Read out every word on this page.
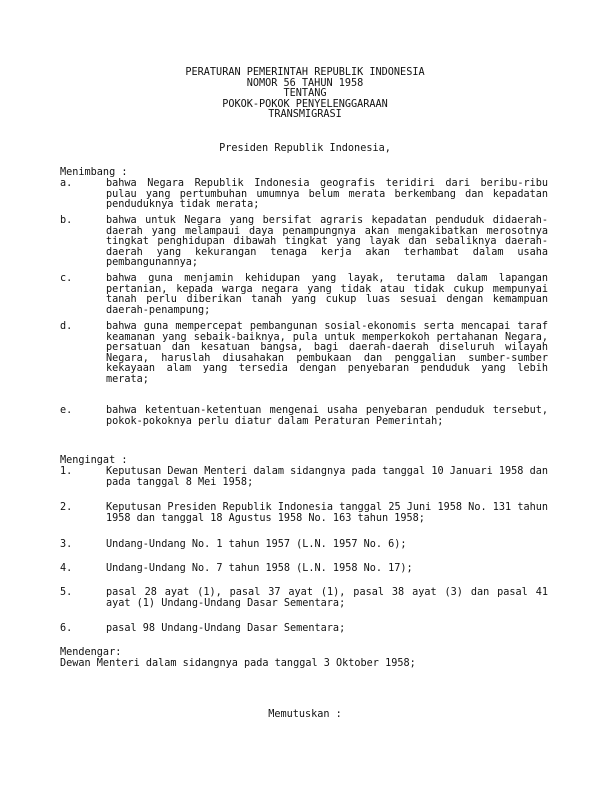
PERATURAN PEMERINTAH REPUBLIK INDONESIA
NOMOR 56 TAHUN 1958
TENTANG
POKOK-POKOK PENYELENGGARAAN
TRANSMIGRASI
Presiden Republik Indonesia,
Menimbang :
a.	bahwa Negara Republik Indonesia geografis teridiri dari beribu-ribu pulau yang pertumbuhan umumnya belum merata berkembang dan kepadatan penduduknya tidak merata;
b.	bahwa untuk Negara yang bersifat agraris kepadatan penduduk didaerah-daerah yang melampaui daya penampungnya akan mengakibatkan merosotnya tingkat penghidupan dibawah tingkat yang layak dan sebaliknya daerah-daerah yang kekurangan tenaga kerja akan terhambat dalam usaha pembangunannya;
c.	bahwa guna menjamin kehidupan yang layak, terutama dalam lapangan pertanian, kepada warga negara yang tidak atau tidak cukup mempunyai tanah perlu diberikan tanah yang cukup luas sesuai dengan kemampuan daerah-penampung;
d.	bahwa guna mempercepat pembangunan sosial-ekonomis serta mencapai taraf keamanan yang sebaik-baiknya, pula untuk memperkokoh pertahanan Negara, persatuan dan kesatuan bangsa, bagi daerah-daerah diseluruh wilayah Negara, haruslah diusahakan pembukaan dan penggalian sumber-sumber kekayaan alam yang tersedia dengan penyebaran penduduk yang lebih merata;
e.	bahwa ketentuan-ketentuan mengenai usaha penyebaran penduduk tersebut, pokok-pokoknya perlu diatur dalam Peraturan Pemerintah;
Mengingat :
1.	Keputusan Dewan Menteri dalam sidangnya pada tanggal 10 Januari 1958 dan pada tanggal 8 Mei 1958;
2.	Keputusan Presiden Republik Indonesia tanggal 25 Juni 1958 No. 131 tahun 1958 dan tanggal 18 Agustus 1958 No. 163 tahun 1958;
3.	Undang-Undang No. 1 tahun 1957 (L.N. 1957 No. 6);
4.	Undang-Undang No. 7 tahun 1958 (L.N. 1958 No. 17);
5.	pasal 28 ayat (1), pasal 37 ayat (1), pasal 38 ayat (3) dan pasal 41 ayat (1) Undang-Undang Dasar Sementara;
6.	pasal 98 Undang-Undang Dasar Sementara;
Mendengar:
Dewan Menteri dalam sidangnya pada tanggal 3 Oktober 1958;
Memutuskan :
